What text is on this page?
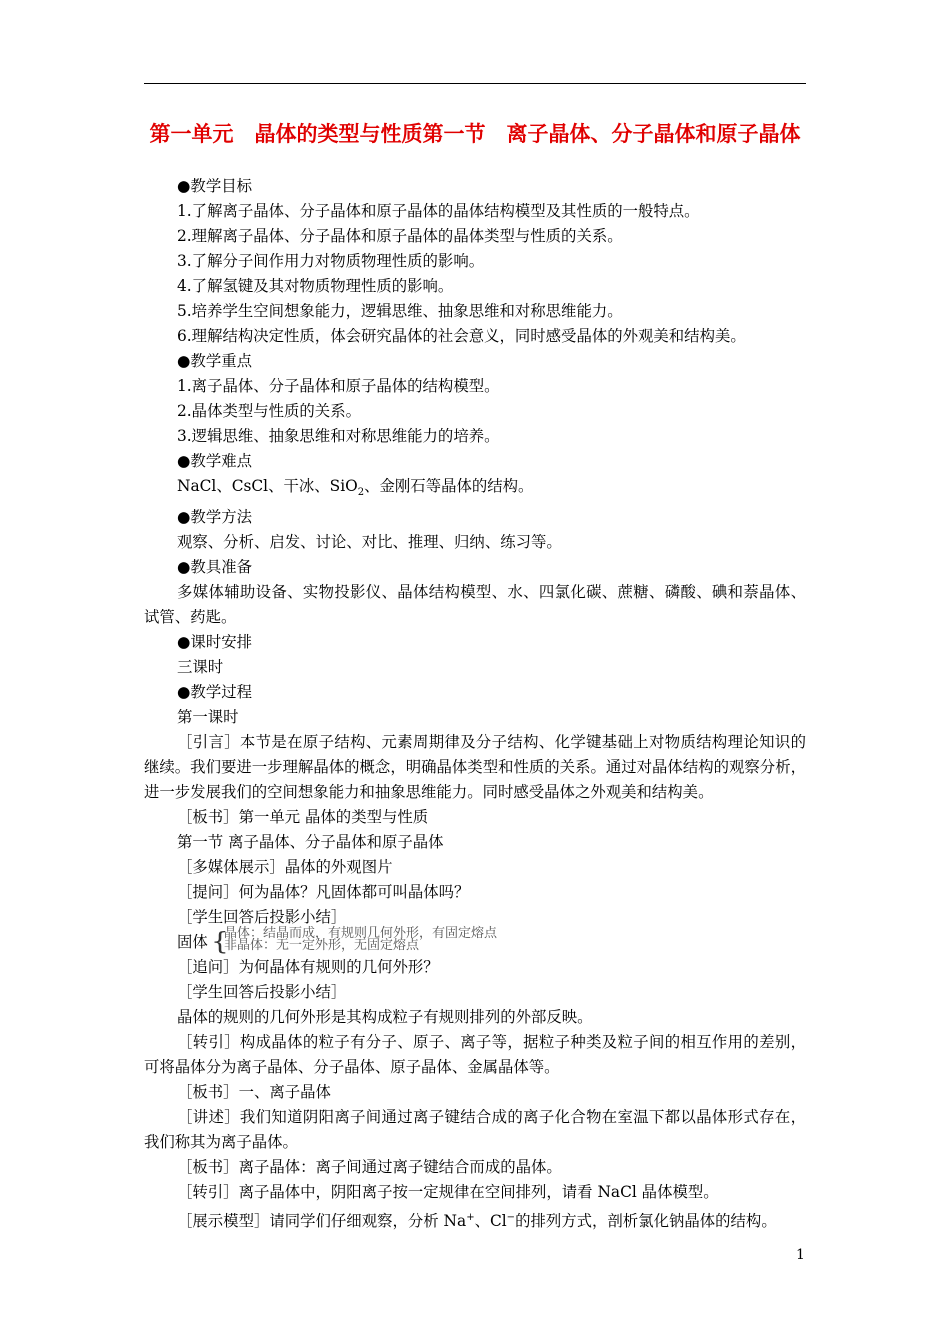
第一单元　晶体的类型与性质第一节　离子晶体、分子晶体和原子晶体

●教学目标

1.了解离子晶体、分子晶体和原子晶体的晶体结构模型及其性质的一般特点。

2.理解离子晶体、分子晶体和原子晶体的晶体类型与性质的关系。

3.了解分子间作用力对物质物理性质的影响。

4.了解氢键及其对物质物理性质的影响。

5.培养学生空间想象能力，逻辑思维、抽象思维和对称思维能力。

6.理解结构决定性质，体会研究晶体的社会意义，同时感受晶体的外观美和结构美。

●教学重点

1.离子晶体、分子晶体和原子晶体的结构模型。

2.晶体类型与性质的关系。

3.逻辑思维、抽象思维和对称思维能力的培养。

●教学难点

NaCl、CsCl、干冰、SiO$_2$、金刚石等晶体的结构。

●教学方法

观察、分析、启发、讨论、对比、推理、归纳、练习等。

●教具准备

多媒体辅助设备、实物投影仪、晶体结构模型、水、四氯化碳、蔗糖、磷酸、碘和萘晶体、试管、药匙。

●课时安排

三课时

●教学过程

第一课时

［引言］本节是在原子结构、元素周期律及分子结构、化学键基础上对物质结构理论知识的继续。我们要进一步理解晶体的概念，明确晶体类型和性质的关系。通过对晶体结构的观察分析，进一步发展我们的空间想象能力和抽象思维能力。同时感受晶体之外观美和结构美。

［板书］第一单元 晶体的类型与性质

第一节 离子晶体、分子晶体和原子晶体

［多媒体展示］晶体的外观图片

［提问］何为晶体？凡固体都可叫晶体吗？

［学生回答后投影小结］

固体 {
晶体：结晶而成，有规则几何外形，有固定熔点
非晶体：无一定外形，无固定熔点

［追问］为何晶体有规则的几何外形？

［学生回答后投影小结］

晶体的规则的几何外形是其构成粒子有规则排列的外部反映。

［转引］构成晶体的粒子有分子、原子、离子等，据粒子种类及粒子间的相互作用的差别，可将晶体分为离子晶体、分子晶体、原子晶体、金属晶体等。

［板书］一、离子晶体

［讲述］我们知道阴阳离子间通过离子键结合成的离子化合物在室温下都以晶体形式存在，我们称其为离子晶体。

［板书］离子晶体：离子间通过离子键结合而成的晶体。

［转引］离子晶体中，阴阳离子按一定规律在空间排列，请看 NaCl 晶体模型。

［展示模型］请同学们仔细观察，分析 Na+、Cl−的排列方式，剖析氯化钠晶体的结构。

1
